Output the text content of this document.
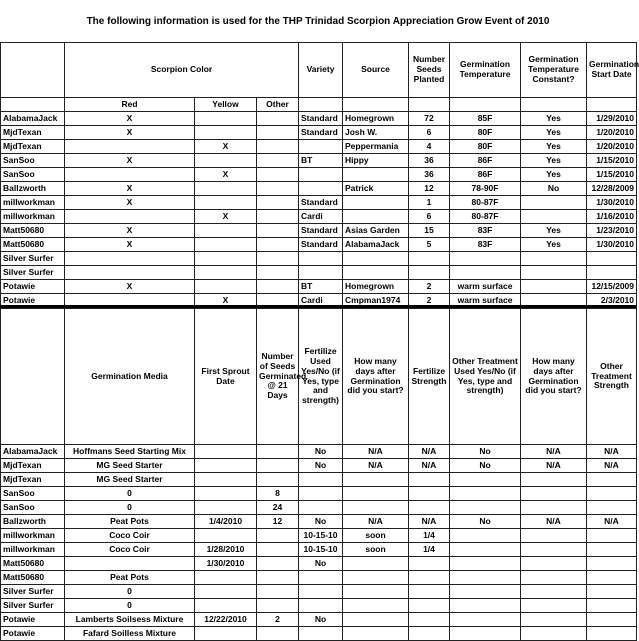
The following information is used for the THP Trinidad Scorpion Appreciation Grow Event of 2010
	Scorpion Color			Variety	Source	Number Seeds Planted	Germination Temperature	Germination Temperature Constant?	Germination Start Date
	Red	Yellow	Other						
AlabamaJack	X			Standard	Homegrown	72	85F	Yes	1/29/2010
MjdTexan	X			Standard	Josh W.	6	80F	Yes	1/20/2010
MjdTexan		X			Peppermania	4	80F	Yes	1/20/2010
SanSoo	X			BT	Hippy	36	86F	Yes	1/15/2010
SanSoo		X				36	86F	Yes	1/15/2010
Ballzworth	X				Patrick	12	78-90F	No	12/28/2009
millworkman	X			Standard		1	80-87F		1/30/2010
millworkman		X		Cardi		6	80-87F		1/16/2010
Matt50680	X			Standard	Asias Garden	15	83F	Yes	1/23/2010
Matt50680	X			Standard	AlabamaJack	5	83F	Yes	1/30/2010
Silver Surfer									
Silver Surfer									
Potawie	X			BT	Homegrown	2	warm surface		12/15/2009
Potawie		X		Cardi	Cmpman1974	2	warm surface		2/3/2010
	Germination Media	First Sprout Date	Number of Seeds Germinated @ 21 Days	Fertilize Used Yes/No (if Yes, type and strength)	How many days after Germination did you start?	Fertilize Strength	Other Treatment Used Yes/No (if Yes, type and strength)	How many days after Germination did you start?	Other Treatment Strength
AlabamaJack	Hoffmans Seed Starting Mix			No	N/A	N/A	No	N/A	N/A
MjdTexan	MG Seed Starter			No	N/A	N/A	No	N/A	N/A
MjdTexan	MG Seed Starter								
SanSoo	0		8						
SanSoo	0		24						
Ballzworth	Peat Pots	1/4/2010	12	No	N/A	N/A	No	N/A	N/A
millworkman	Coco Coir			10-15-10	soon	1/4			
millworkman	Coco Coir	1/28/2010		10-15-10	soon	1/4			
Matt50680		1/30/2010		No					
Matt50680	Peat Pots								
Silver Surfer	0								
Silver Surfer	0								
Potawie	Lamberts Soilsess Mixture	12/22/2010	2	No					
Potawie	Fafard Soilless Mixture								
